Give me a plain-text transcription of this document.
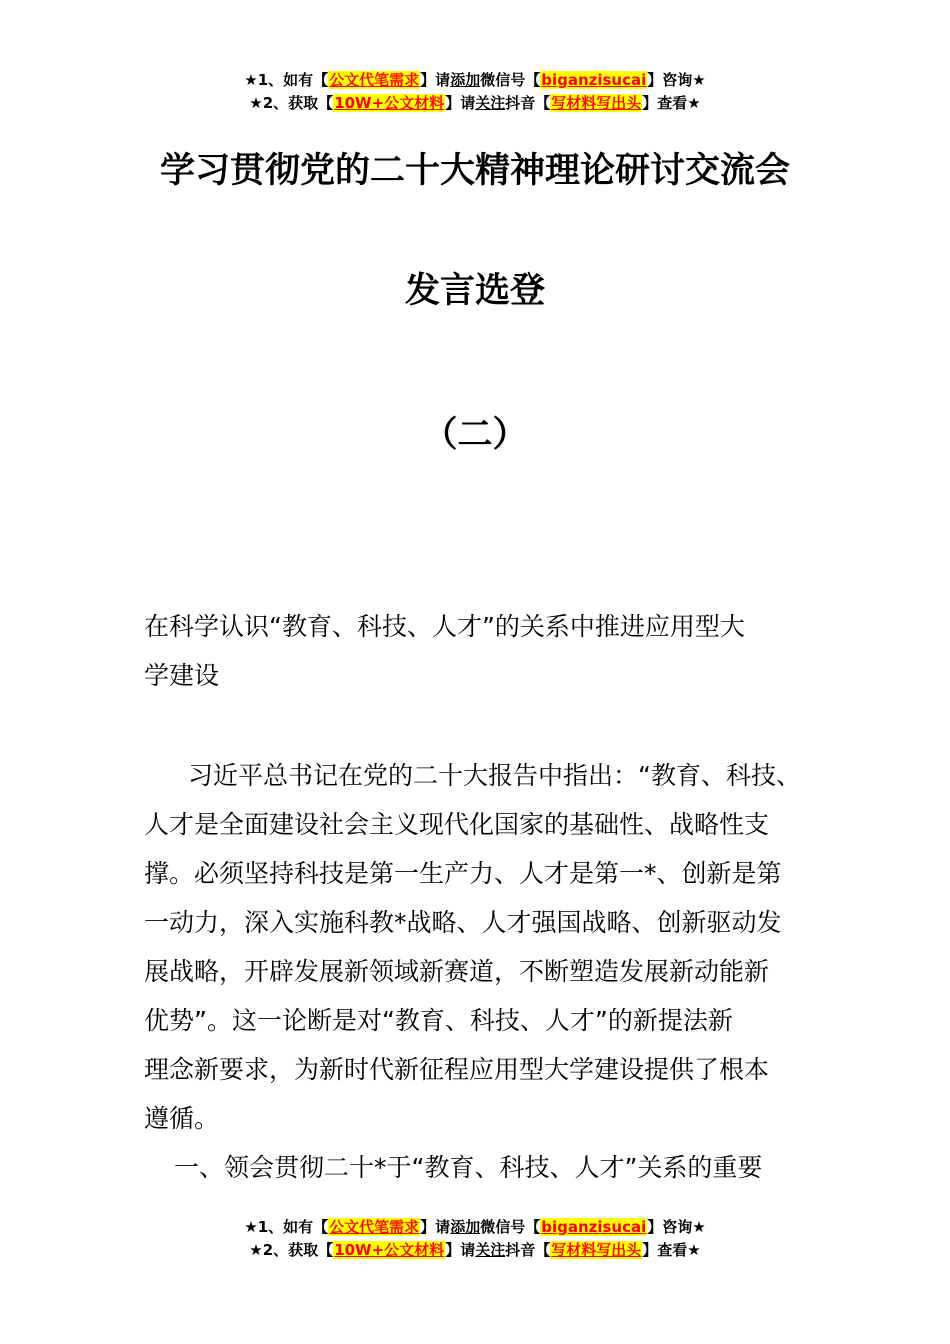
★1、如有【公文代笔需求】请添加微信号【biganzisucai】咨询★
★2、获取【10W+公文材料】请关注抖音【写材料写出头】查看★
学习贯彻党的二十大精神理论研讨交流会
发言选登
（二）
在科学认识“教育、科技、人才”的关系中推进应用型大
学建设
习近平总书记在党的二十大报告中指出：“教育、科技、
人才是全面建设社会主义现代化国家的基础性、战略性支
撑。必须坚持科技是第一生产力、人才是第一*、创新是第
一动力，深入实施科教*战略、人才强国战略、创新驱动发
展战略，开辟发展新领域新赛道，不断塑造发展新动能新
优势”。这一论断是对“教育、科技、人才”的新提法新
理念新要求，为新时代新征程应用型大学建设提供了根本
遵循。
一、领会贯彻二十*于“教育、科技、人才”关系的重要
★1、如有【公文代笔需求】请添加微信号【biganzisucai】咨询★
★2、获取【10W+公文材料】请关注抖音【写材料写出头】查看★
